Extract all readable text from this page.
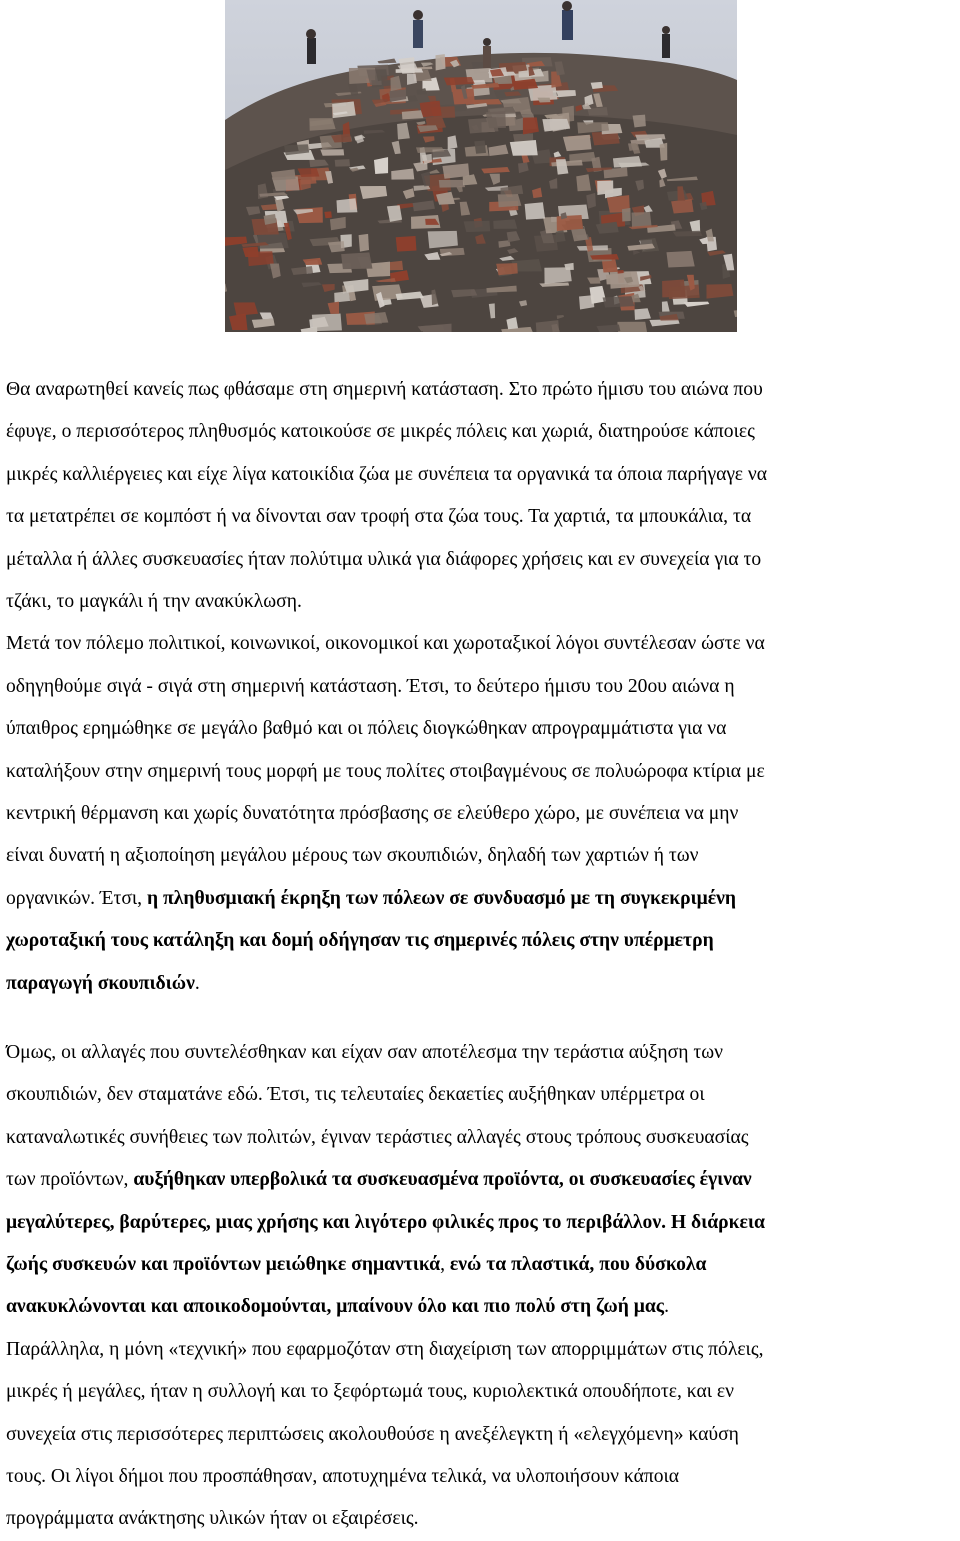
Θα αναρωτηθεί κανείς πως φθάσαμε στη σημερινή κατάσταση. Στο πρώτο ήμισυ του αιώνα που
έφυγε, ο περισσότερος πληθυσμός κατοικούσε σε μικρές πόλεις και χωριά, διατηρούσε κάποιες
μικρές καλλιέργειες και είχε λίγα κατοικίδια ζώα με συνέπεια τα οργανικά τα όποια παρήγαγε να
τα μετατρέπει σε κομπόστ ή να δίνονται σαν τροφή στα ζώα τους. Τα χαρτιά, τα μπουκάλια, τα
μέταλλα ή άλλες συσκευασίες ήταν πολύτιμα υλικά για διάφορες χρήσεις και εν συνεχεία για το
τζάκι, το μαγκάλι ή την ανακύκλωση.
Μετά τον πόλεμο πολιτικοί, κοινωνικοί, οικονομικοί και χωροταξικοί λόγοι συντέλεσαν ώστε να
οδηγηθούμε σιγά - σιγά στη σημερινή κατάσταση. Έτσι, το δεύτερο ήμισυ του 20ου αιώνα η
ύπαιθρος ερημώθηκε σε μεγάλο βαθμό και οι πόλεις διογκώθηκαν απρογραμμάτιστα για να
καταλήξουν στην σημερινή τους μορφή με τους πολίτες στοιβαγμένους σε πολυώροφα κτίρια με
κεντρική θέρμανση και χωρίς δυνατότητα πρόσβασης σε ελεύθερο χώρο, με συνέπεια να μην
είναι δυνατή η αξιοποίηση μεγάλου μέρους των σκουπιδιών, δηλαδή των χαρτιών ή των
οργανικών. Έτσι, η πληθυσμιακή έκρηξη των πόλεων σε συνδυασμό με τη συγκεκριμένη
χωροταξική τους κατάληξη και δομή οδήγησαν τις σημερινές πόλεις στην υπέρμετρη
παραγωγή σκουπιδιών.

Όμως, οι αλλαγές που συντελέσθηκαν και είχαν σαν αποτέλεσμα την τεράστια αύξηση των
σκουπιδιών, δεν σταματάνε εδώ. Έτσι, τις τελευταίες δεκαετίες αυξήθηκαν υπέρμετρα οι
καταναλωτικές συνήθειες των πολιτών, έγιναν τεράστιες αλλαγές στους τρόπους συσκευασίας
των προϊόντων, αυξήθηκαν υπερβολικά τα συσκευασμένα προϊόντα, οι συσκευασίες έγιναν
μεγαλύτερες, βαρύτερες, μιας χρήσης και λιγότερο φιλικές προς το περιβάλλον. Η διάρκεια
ζωής συσκευών και προϊόντων μειώθηκε σημαντικά, ενώ τα πλαστικά, που δύσκολα
ανακυκλώνονται και αποικοδομούνται, μπαίνουν όλο και πιο πολύ στη ζωή μας.
Παράλληλα, η μόνη «τεχνική» που εφαρμοζόταν στη διαχείριση των απορριμμάτων στις πόλεις,
μικρές ή μεγάλες, ήταν η συλλογή και το ξεφόρτωμά τους, κυριολεκτικά οπουδήποτε, και εν
συνεχεία στις περισσότερες περιπτώσεις ακολουθούσε η ανεξέλεγκτη ή «ελεγχόμενη» καύση
τους. Οι λίγοι δήμοι που προσπάθησαν, αποτυχημένα τελικά, να υλοποιήσουν κάποια
προγράμματα ανάκτησης υλικών ήταν οι εξαιρέσεις.
